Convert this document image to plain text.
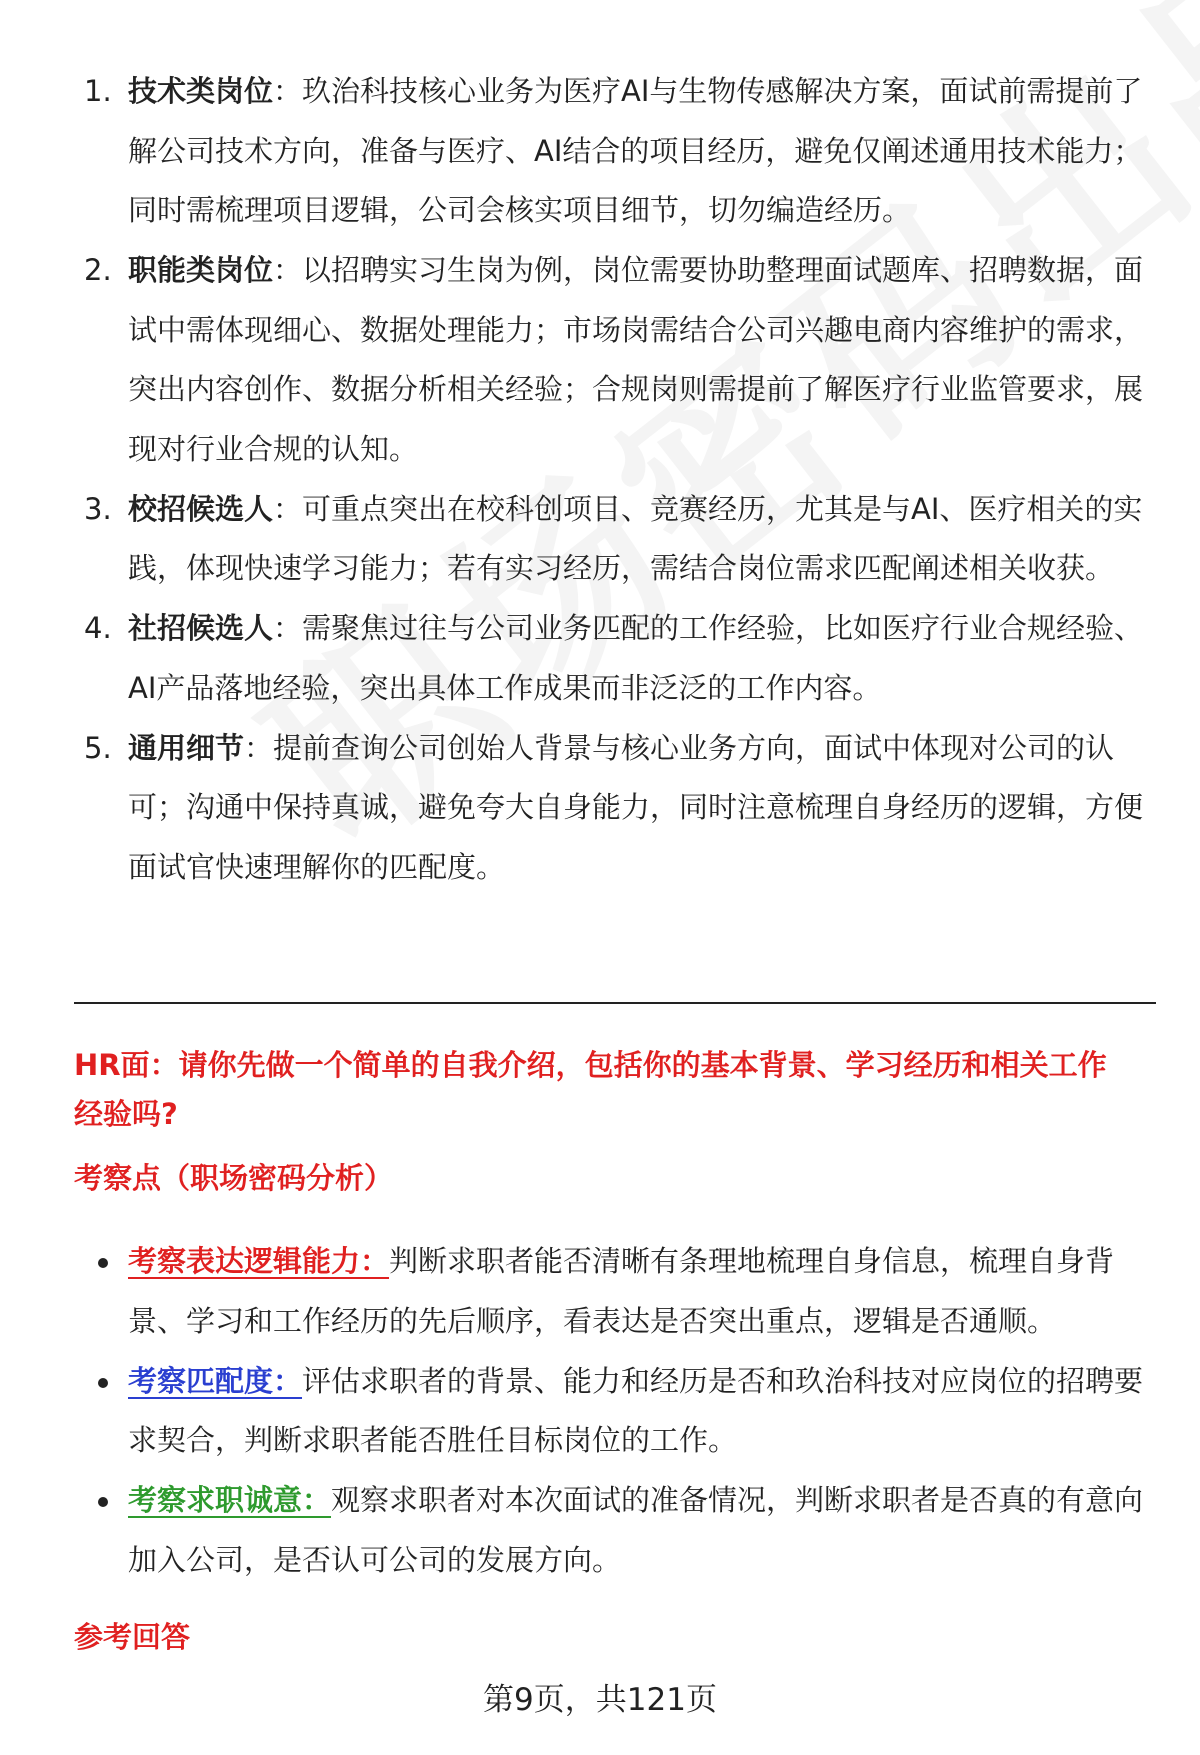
1. 技术类岗位：玖治科技核心业务为医疗AI与生物传感解决方案，面试前需提前了解公司技术方向，准备与医疗、AI结合的项目经历，避免仅阐述通用技术能力；同时需梳理项目逻辑，公司会核实项目细节，切勿编造经历。
2. 职能类岗位：以招聘实习生岗为例，岗位需要协助整理面试题库、招聘数据，面试中需体现细心、数据处理能力；市场岗需结合公司兴趣电商内容维护的需求，突出内容创作、数据分析相关经验；合规岗则需提前了解医疗行业监管要求，展现对行业合规的认知。
3. 校招候选人：可重点突出在校科创项目、竞赛经历，尤其是与AI、医疗相关的实践，体现快速学习能力；若有实习经历，需结合岗位需求匹配阐述相关收获。
4. 社招候选人：需聚焦过往与公司业务匹配的工作经验，比如医疗行业合规经验、AI产品落地经验，突出具体工作成果而非泛泛的工作内容。
5. 通用细节：提前查询公司创始人背景与核心业务方向，面试中体现对公司的认可；沟通中保持真诚，避免夸大自身能力，同时注意梳理自身经历的逻辑，方便面试官快速理解你的匹配度。

HR面：请你先做一个简单的自我介绍，包括你的基本背景、学习经历和相关工作经验吗?

考察点（职场密码分析）

考察表达逻辑能力：判断求职者能否清晰有条理地梳理自身信息，梳理自身背景、学习和工作经历的先后顺序，看表达是否突出重点，逻辑是否通顺。
考察匹配度：评估求职者的背景、能力和经历是否和玖治科技对应岗位的招聘要求契合，判断求职者能否胜任目标岗位的工作。
考察求职诚意：观察求职者对本次面试的准备情况，判断求职者是否真的有意向加入公司，是否认可公司的发展方向。

参考回答

第9页，共121页
